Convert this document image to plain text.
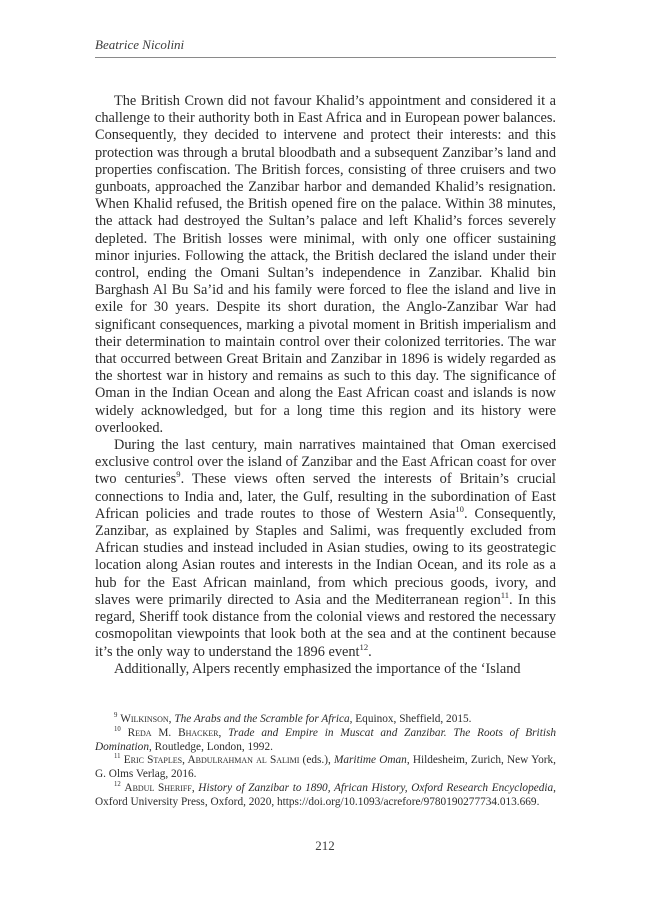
Beatrice Nicolini

The British Crown did not favour Khalid’s appointment and considered it a challenge to their authority both in East Africa and in European power balances. Consequently, they decided to intervene and protect their interests: and this protection was through a brutal bloodbath and a subsequent Zanzibar’s land and properties confiscation. The British forces, consisting of three cruisers and two gunboats, approached the Zanzibar harbor and demanded Khalid’s resignation. When Khalid refused, the British opened fire on the palace. Within 38 minutes, the attack had destroyed the Sultan’s palace and left Khalid’s forces severely depleted. The British losses were minimal, with only one officer sustaining minor injuries. Following the attack, the British declared the island under their control, ending the Omani Sultan’s independence in Zanzibar. Khalid bin Barghash Al Bu Sa’id and his family were forced to flee the island and live in exile for 30 years. Despite its short duration, the Anglo-Zanzibar War had significant consequences, marking a pivotal moment in British imperialism and their determination to maintain control over their colonized territories. The war that occurred between Great Britain and Zanzibar in 1896 is widely regarded as the shortest war in history and remains as such to this day. The significance of Oman in the Indian Ocean and along the East African coast and islands is now widely acknowledged, but for a long time this region and its history were overlooked.

During the last century, main narratives maintained that Oman exercised exclusive control over the island of Zanzibar and the East African coast for over two centuries$^9$. These views often served the interests of Britain’s crucial connections to India and, later, the Gulf, resulting in the subordination of East African policies and trade routes to those of Western Asia$^{10}$. Consequently, Zanzibar, as explained by Staples and Salimi, was frequently excluded from African studies and instead included in Asian studies, owing to its geostrategic location along Asian routes and interests in the Indian Ocean, and its role as a hub for the East African mainland, from which precious goods, ivory, and slaves were primarily directed to Asia and the Mediterranean region$^{11}$. In this regard, Sheriff took distance from the colonial views and restored the necessary cosmopolitan viewpoints that look both at the sea and at the continent because it’s the only way to understand the 1896 event$^{12}$.

Additionally, Alpers recently emphasized the importance of the ‘Island

$^9$ Wilkinson, The Arabs and the Scramble for Africa, Equinox, Sheffield, 2015.

$^{10}$ Reda M. Bhacker, Trade and Empire in Muscat and Zanzibar. The Roots of British Domination, Routledge, London, 1992.

$^{11}$ Eric Staples, Abdulrahman al Salimi (eds.), Maritime Oman, Hildesheim, Zurich, New York, G. Olms Verlag, 2016.

$^{12}$ Abdul Sheriff, History of Zanzibar to 1890, African History, Oxford Research Encyclopedia, Oxford University Press, Oxford, 2020, https://doi.org/10.1093/acrefore/9780190277734.013.669.

212
